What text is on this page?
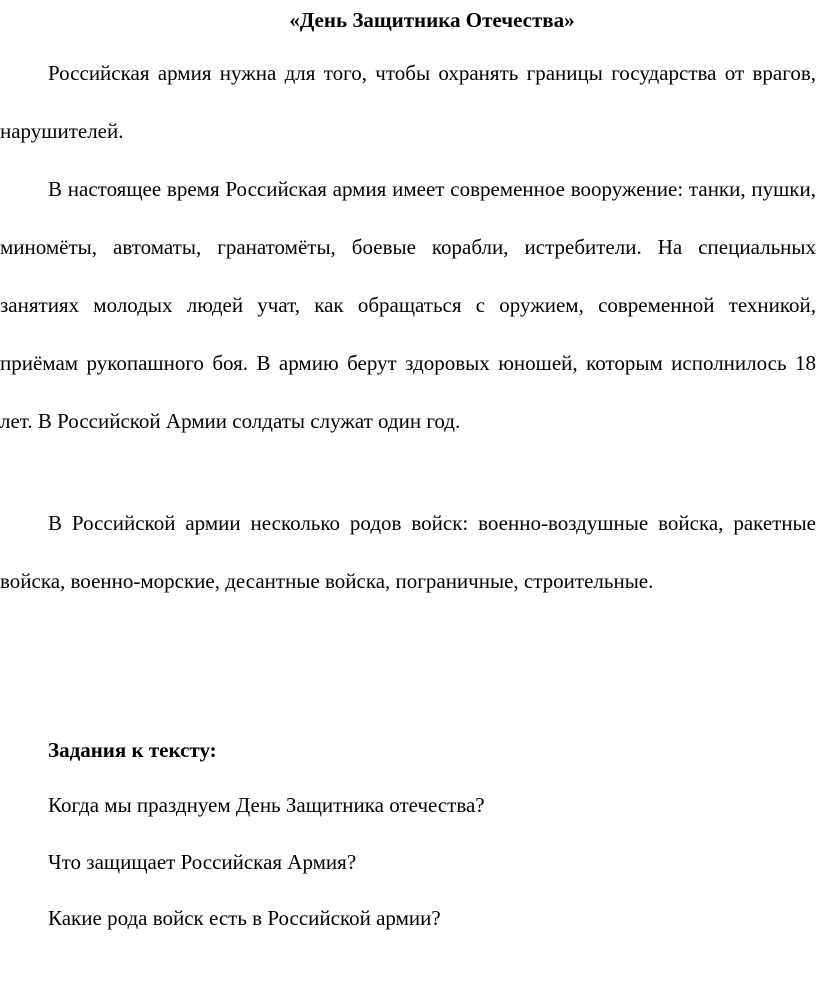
«День Защитника Отечества»

Российская армия нужна для того, чтобы охранять границы государства от врагов, нарушителей.

В настоящее время Российская армия имеет современное вооружение: танки, пушки, миномёты, автоматы, гранатомёты, боевые корабли, истребители. На специальных занятиях молодых людей учат, как обращаться с оружием, современной техникой, приёмам рукопашного боя. В армию берут здоровых юношей, которым исполнилось 18 лет. В Российской Армии солдаты служат один год.

В Российской армии несколько родов войск: военно-воздушные войска, ракетные войска, военно-морские, десантные войска, пограничные, строительные.

Задания к тексту:
Когда мы празднуем День Защитника отечества?
Что защищает Российская Армия?
Какие рода войск есть в Российской армии?
